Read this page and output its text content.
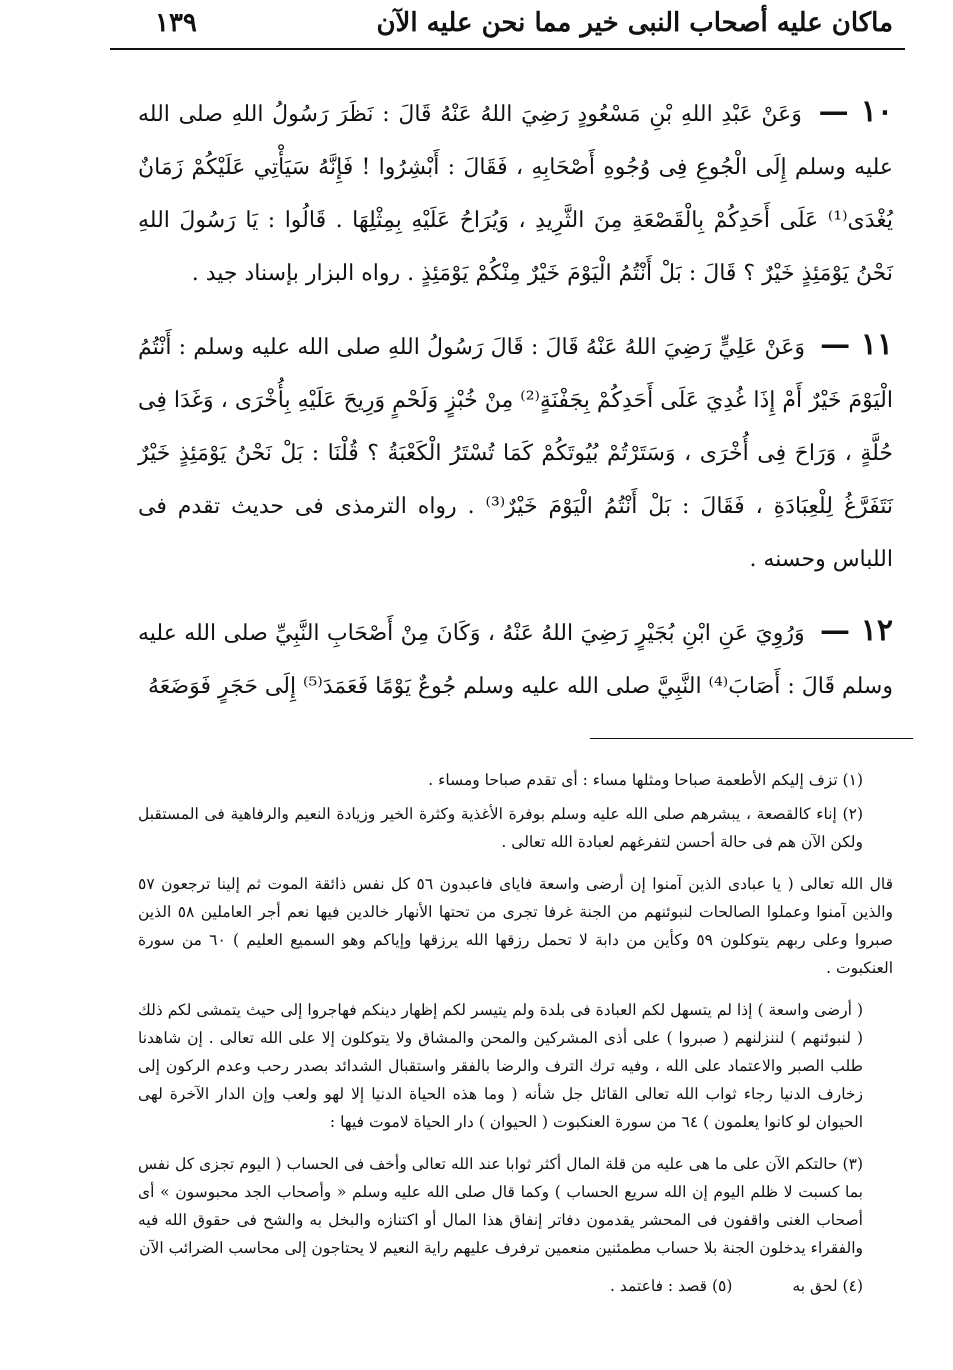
ماكان عليه أصحاب النبى خير مما نحن عليه الآن
١٣٩

١٠ — وَعَنْ عَبْدِ اللهِ بْنِ مَسْعُودٍ رَضِيَ اللهُ عَنْهُ قَالَ : نَظَرَ رَسُولُ اللهِ صلى الله عليه وسلم إِلَى الْجُوعِ فِى وُجُوهِ أَصْحَابِهِ ، فَقَالَ : أَبْشِرُوا ! فَإِنَّهُ سَيَأْتِي عَلَيْكُمْ زَمَانٌ يُغْدَى⁽¹⁾ عَلَى أَحَدِكُمْ بِالْقَصْعَةِ مِنَ الثَّرِيدِ ، وَيُرَاحُ عَلَيْهِ بِمِثْلِهَا . قَالُوا : يَا رَسُولَ اللهِ نَحْنُ يَوْمَئِذٍ خَيْرٌ ؟ قَالَ : بَلْ أَنْتُمُ الْيَوْمَ خَيْرٌ مِنْكُمْ يَوْمَئِذٍ . رواه البزار بإسناد جيد .

١١ — وَعَنْ عَلِيٍّ رَضِيَ اللهُ عَنْهُ قَالَ : قَالَ رَسُولُ اللهِ صلى الله عليه وسلم : أَنْتُمُ الْيَوْمَ خَيْرٌ أَمْ إِذَا غُدِيَ عَلَى أَحَدِكُمْ بِجَفْنَةٍ⁽²⁾ مِنْ خُبْزٍ وَلَحْمٍ وَرِيحَ عَلَيْهِ بِأُخْرَى ، وَغَدَا فِى حُلَّةٍ ، وَرَاحَ فِى أُخْرَى ، وَسَتَرْتُمْ بُيُوتَكُمْ كَمَا تُسْتَرُ الْكَعْبَةُ ؟ قُلْنَا : بَلْ نَحْنُ يَوْمَئِذٍ خَيْرٌ نَتَفَرَّغُ لِلْعِبَادَةِ ، فَقَالَ : بَلْ أَنْتُمُ الْيَوْمَ خَيْرٌ⁽³⁾ . رواه الترمذى فى حديث تقدم فى اللباس وحسنه .

١٢ — وَرُوِيَ عَنِ ابْنِ بُجَيْرٍ رَضِيَ اللهُ عَنْهُ ، وَكَانَ مِنْ أَصْحَابِ النَّبِيِّ صلى الله عليه وسلم قَالَ : أَصَابَ⁽⁴⁾ النَّبِيَّ صلى الله عليه وسلم جُوعٌ يَوْمًا فَعَمَدَ⁽⁵⁾ إِلَى حَجَرٍ فَوَضَعَهُ

(١) تزف إليكم الأطعمة صباحا ومثلها مساء : أى تقدم صباحا ومساء .

(٢) إناء كالقصعة ، يبشرهم صلى الله عليه وسلم بوفرة الأغذية وكثرة الخير وزيادة النعيم والرفاهية فى المستقبل ولكن الآن هم فى حالة أحسن لتفرغهم لعبادة الله تعالى .

قال الله تعالى ( يا عبادى الذين آمنوا إن أرضى واسعة فاياى فاعبدون ٥٦ كل نفس ذائقة الموت ثم إلينا ترجعون ٥٧ والذين آمنوا وعملوا الصالحات لنبوئنهم من الجنة غرفا تجرى من تحتها الأنهار خالدين فيها نعم أجر العاملين ٥٨ الذين صبروا وعلى ربهم يتوكلون ٥٩ وكأين من دابة لا تحمل رزقها الله يرزقها وإياكم وهو السميع العليم ) ٦٠ من سورة العنكبوت .

( أرضى واسعة ) إذا لم يتسهل لكم العبادة فى بلدة ولم يتيسر لكم إظهار دينكم فهاجروا إلى حيث يتمشى لكم ذلك ( لنبوئنهم ) لننزلنهم ( صبروا ) على أذى المشركين والمحن والمشاق ولا يتوكلون إلا على الله تعالى . إن شاهدنا طلب الصبر والاعتماد على الله ، وفيه ترك الترف والرضا بالفقر واستقبال الشدائد بصدر رحب وعدم الركون إلى زخارف الدنيا رجاء ثواب الله تعالى القائل جل شأنه ( وما هذه الحياة الدنيا إلا لهو ولعب وإن الدار الآخرة لهى الحيوان لو كانوا يعلمون ) ٦٤ من سورة العنكبوت ( الحيوان ) دار الحياة لاموت فيها :

(٣) حالتكم الآن على ما هى عليه من قلة المال أكثر ثوابا عند الله تعالى وأخف فى الحساب ( اليوم تجزى كل نفس بما كسبت لا ظلم اليوم إن الله سريع الحساب ) وكما قال صلى الله عليه وسلم « وأصحاب الجد محبوسون » أى أصحاب الغنى واقفون فى المحشر يقدمون دفاتر إنفاق هذا المال أو اكتنازه والبخل به والشح فى حقوق الله فيه والفقراء يدخلون الجنة بلا حساب مطمئنين منعمين ترفرف عليهم راية النعيم لا يحتاجون إلى محاسب الضرائب الآن

(٤) لحق به
(٥) قصد : فاعتمد .
